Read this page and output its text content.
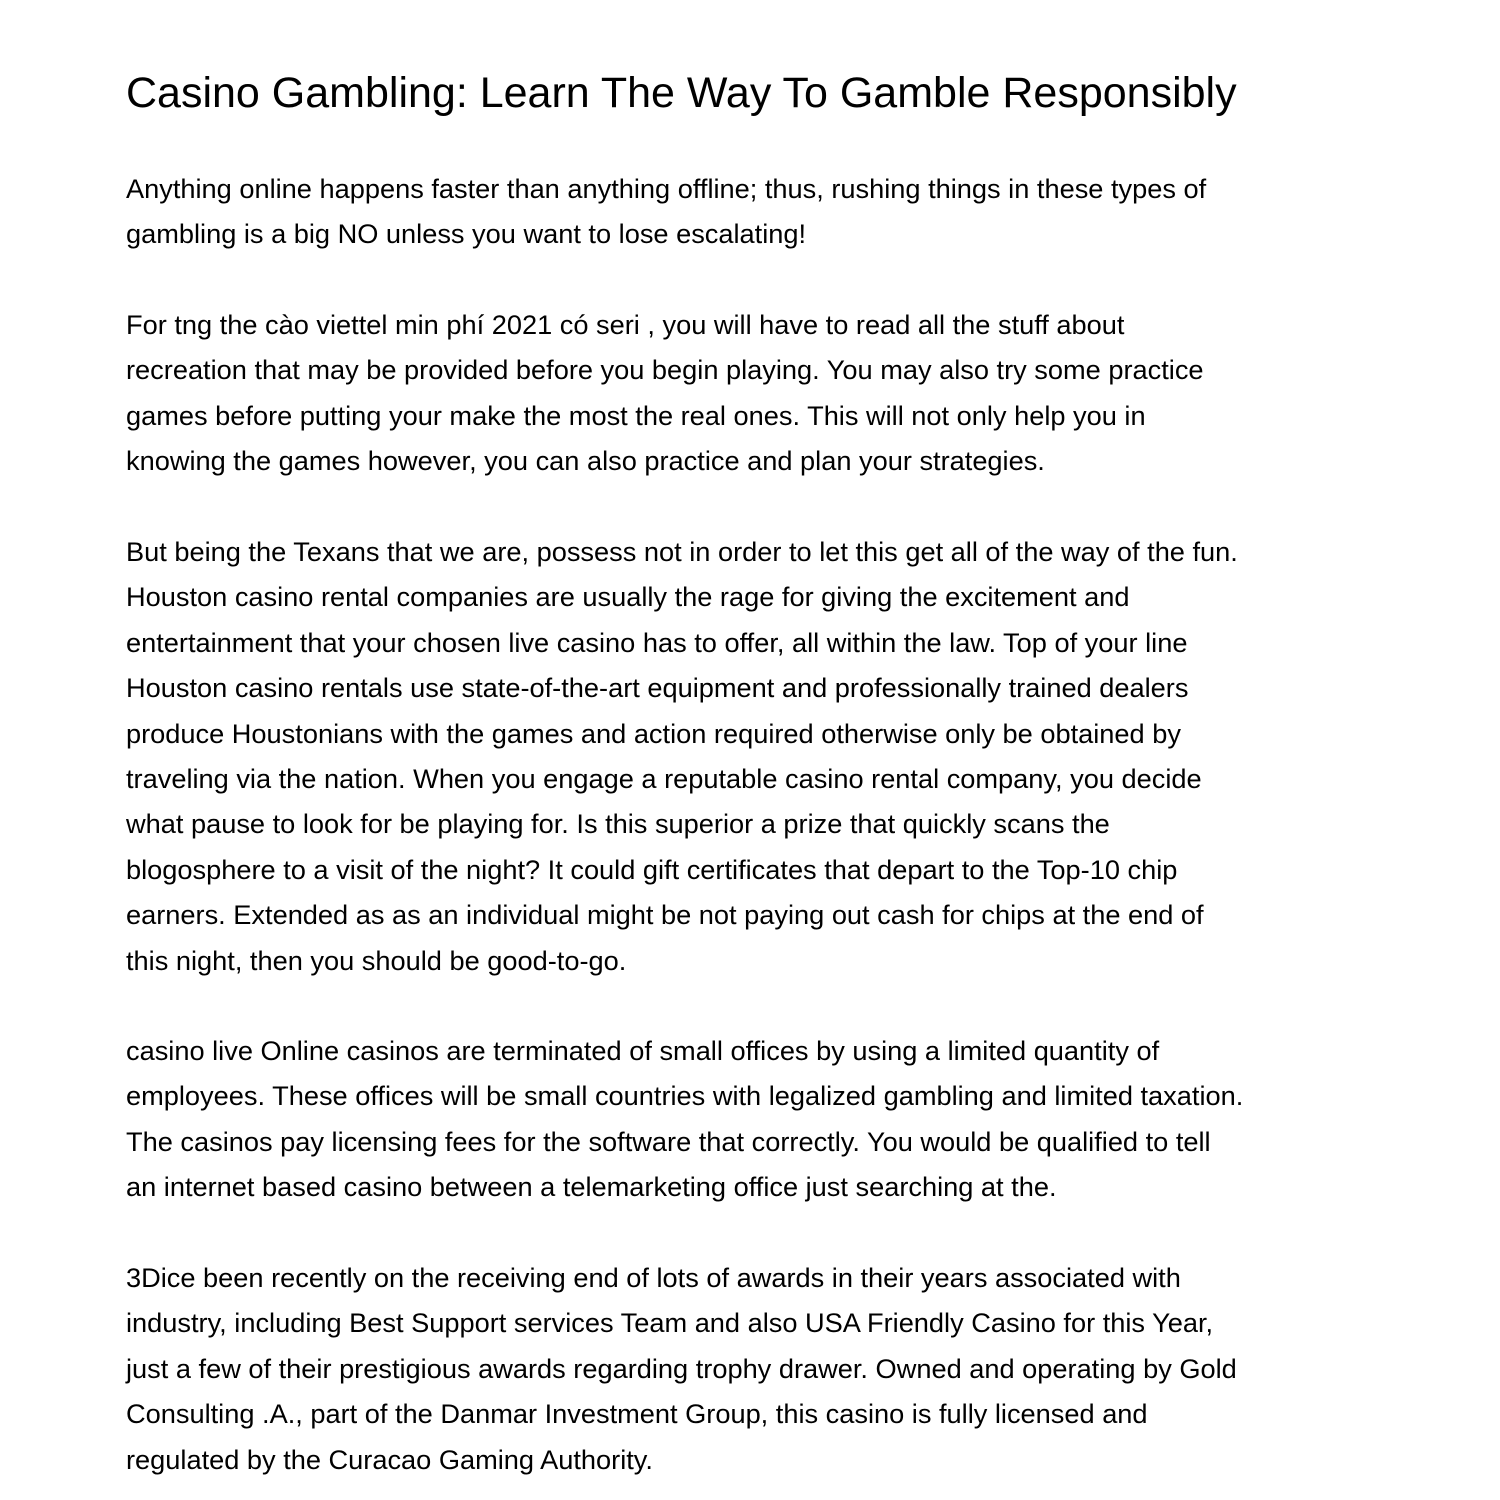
Casino Gambling: Learn The Way To Gamble Responsibly

Anything online happens faster than anything offline; thus, rushing things in these types of
gambling is a big NO unless you want to lose escalating!

For tng the cào viettel min phí 2021 có seri , you will have to read all the stuff about
recreation that may be provided before you begin playing. You may also try some practice
games before putting your make the most the real ones. This will not only help you in
knowing the games however, you can also practice and plan your strategies.

But being the Texans that we are, possess not in order to let this get all of the way of the fun.
Houston casino rental companies are usually the rage for giving the excitement and
entertainment that your chosen live casino has to offer, all within the law. Top of your line
Houston casino rentals use state-of-the-art equipment and professionally trained dealers
produce Houstonians with the games and action required otherwise only be obtained by
traveling via the nation. When you engage a reputable casino rental company, you decide
what pause to look for be playing for. Is this superior a prize that quickly scans the
blogosphere to a visit of the night? It could gift certificates that depart to the Top-10 chip
earners. Extended as as an individual might be not paying out cash for chips at the end of
this night, then you should be good-to-go.

casino live Online casinos are terminated of small offices by using a limited quantity of
employees. These offices will be small countries with legalized gambling and limited taxation.
The casinos pay licensing fees for the software that correctly. You would be qualified to tell
an internet based casino between a telemarketing office just searching at the.

3Dice been recently on the receiving end of lots of awards in their years associated with
industry, including Best Support services Team and also USA Friendly Casino for this Year,
just a few of their prestigious awards regarding trophy drawer. Owned and operating by Gold
Consulting .A., part of the Danmar Investment Group, this casino is fully licensed and
regulated by the Curacao Gaming Authority.
